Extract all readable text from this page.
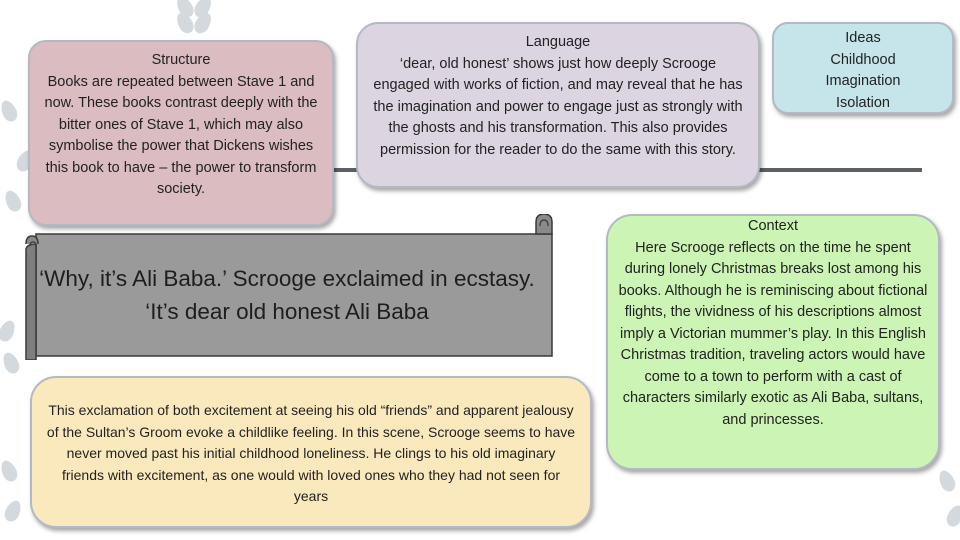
Structure
Books are repeated between Stave 1 and now. These books contrast deeply with the bitter ones of Stave 1, which may also symbolise the power that Dickens wishes this book to have – the power to transform society.
Language
‘dear, old honest’ shows just how deeply Scrooge engaged with works of fiction, and may reveal that he has the imagination and power to engage just as strongly with the ghosts and his transformation. This also provides permission for the reader to do the same with this story.
Ideas
Childhood
Imagination
Isolation
‘Why, it’s Ali Baba.’ Scrooge exclaimed in ecstasy. ‘It’s dear old honest Ali Baba
Context
Here Scrooge reflects on the time he spent during lonely Christmas breaks lost among his books. Although he is reminiscing about fictional flights, the vividness of his descriptions almost imply a Victorian mummer’s play. In this English Christmas tradition, traveling actors would have come to a town to perform with a cast of characters similarly exotic as Ali Baba, sultans, and princesses.
This exclamation of both excitement at seeing his old “friends” and apparent jealousy of the Sultan’s Groom evoke a childlike feeling. In this scene, Scrooge seems to have never moved past his initial childhood loneliness. He clings to his old imaginary friends with excitement, as one would with loved ones who they had not seen for years
